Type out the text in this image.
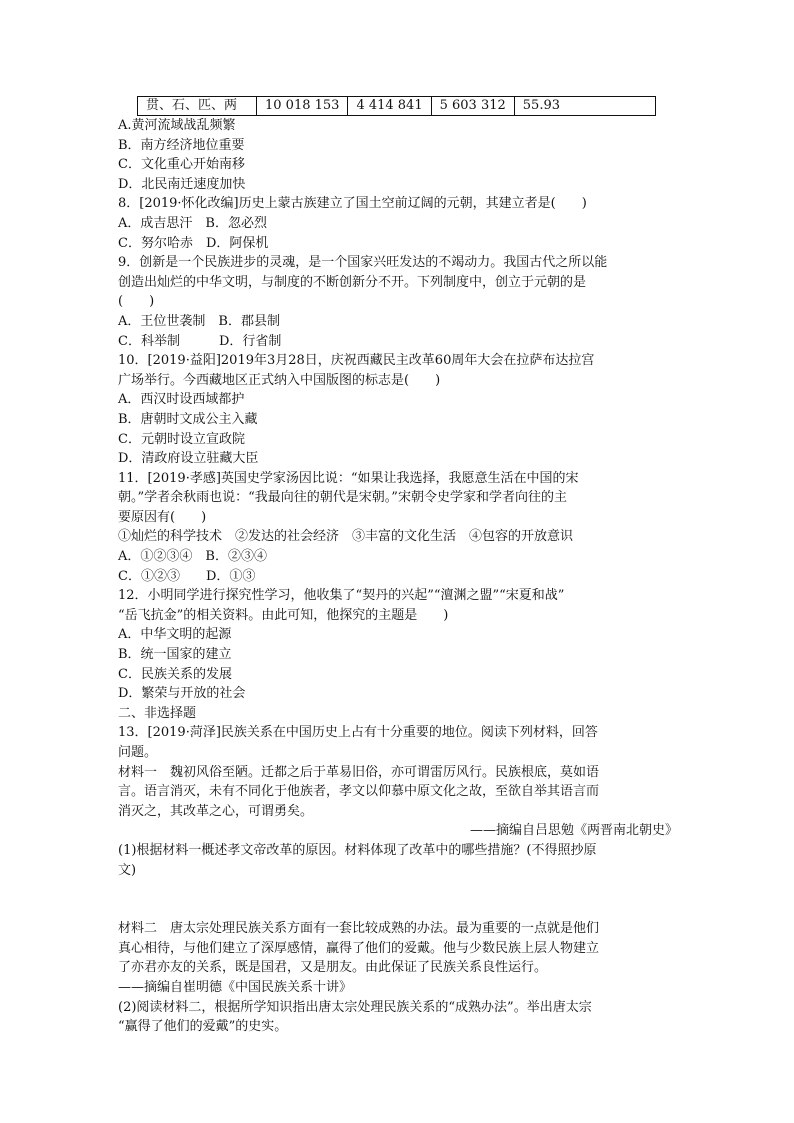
贯、石、匹、两	10 018 153	4 414 841	5 603 312	55.93
A.黄河流域战乱频繁
B．南方经济地位重要
C．文化重心开始南移
D．北民南迁速度加快
8．[2019·怀化改编]历史上蒙古族建立了国土空前辽阔的元朝，其建立者是(　　)
A．成吉思汗　B．忽必烈
C．努尔哈赤　D．阿保机
9．创新是一个民族进步的灵魂，是一个国家兴旺发达的不竭动力。我国古代之所以能
创造出灿烂的中华文明，与制度的不断创新分不开。下列制度中，创立于元朝的是
(　　)
A．王位世袭制　B．郡县制
C．科举制　　　D．行省制
10．[2019·益阳]2019年3月28日，庆祝西藏民主改革60周年大会在拉萨布达拉宫
广场举行。今西藏地区正式纳入中国版图的标志是(　　)
A．西汉时设西域都护
B．唐朝时文成公主入藏
C．元朝时设立宣政院
D．清政府设立驻藏大臣
11．[2019·孝感]英国史学家汤因比说：“如果让我选择，我愿意生活在中国的宋
朝。”学者余秋雨也说：“我最向往的朝代是宋朝。”宋朝令史学家和学者向往的主
要原因有(　　)
①灿烂的科学技术　②发达的社会经济　③丰富的文化生活　④包容的开放意识
A．①②③④　B．②③④
C．①②③　　D．①③
12．小明同学进行探究性学习，他收集了“契丹的兴起”“澶渊之盟”“宋夏和战”
“岳飞抗金”的相关资料。由此可知，他探究的主题是　　)
A．中华文明的起源
B．统一国家的建立
C．民族关系的发展
D．繁荣与开放的社会
二、非选择题
13．[2019·菏泽]民族关系在中国历史上占有十分重要的地位。阅读下列材料，回答
问题。
材料一　魏初风俗至陋。迁都之后于革易旧俗，亦可谓雷厉风行。民族根底，莫如语
言。语言消灭，未有不同化于他族者，孝文以仰慕中原文化之故，至欲自举其语言而
消灭之，其改革之心，可谓勇矣。
——摘编自吕思勉《两晋南北朝史》
(1)根据材料一概述孝文帝改革的原因。材料体现了改革中的哪些措施？(不得照抄原
文)
材料二　唐太宗处理民族关系方面有一套比较成熟的办法。最为重要的一点就是他们
真心相待，与他们建立了深厚感情，赢得了他们的爱戴。他与少数民族上层人物建立
了亦君亦友的关系，既是国君，又是朋友。由此保证了民族关系良性运行。
——摘编自崔明德《中国民族关系十讲》
(2)阅读材料二，根据所学知识指出唐太宗处理民族关系的“成熟办法”。举出唐太宗
“赢得了他们的爱戴”的史实。
